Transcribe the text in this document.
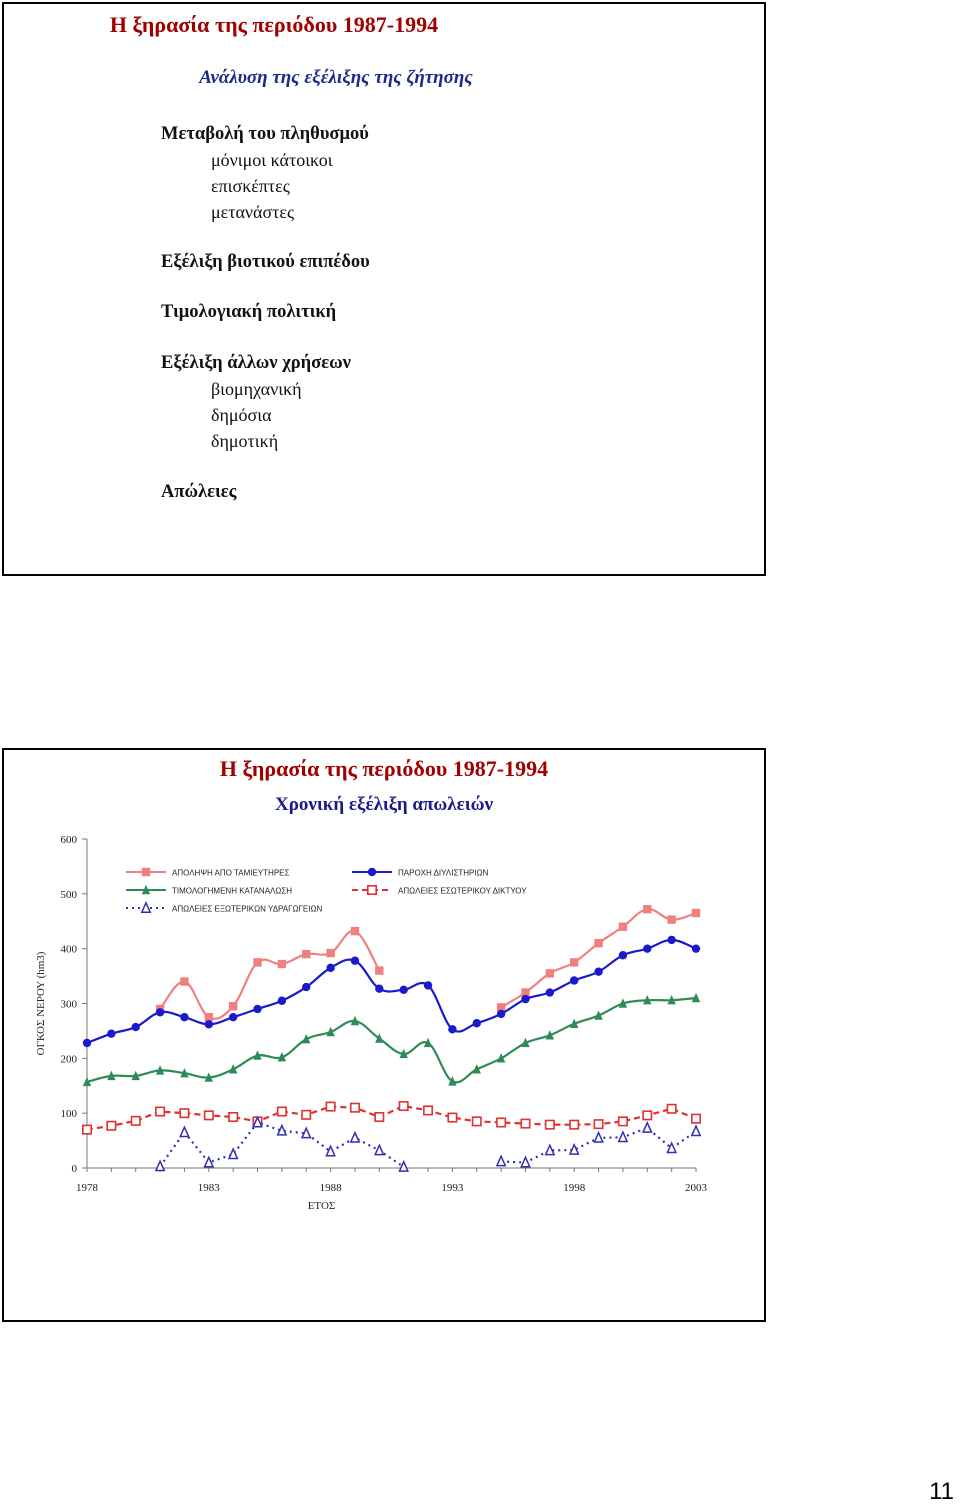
Η ξηρασία της περιόδου 1987-1994
Ανάλυση της εξέλιξης της ζήτησης
Μεταβολή του πληθυσμού
μόνιμοι κάτοικοι
επισκέπτες
μετανάστες
Εξέλιξη βιοτικού επιπέδου
Τιμολογιακή πολιτική
Εξέλιξη άλλων χρήσεων
βιομηχανική
δημόσια
δημοτική
Απώλειες
Η ξηρασία της περιόδου 1987-1994
Χρονική εξέλιξη απωλειών
0
100
200
300
400
500
600
1978	1983	1988	1993	1998	2003
ΕΤΟΣ
ΟΓΚΟΣ ΝΕΡΟΥ (hm3)
ΑΠΟΛΗΨΗ ΑΠΟ ΤΑΜΙΕΥΤΗΡΕΣ	ΠΑΡΟΧΗ ΔΙΥΛΙΣΤΗΡΙΩΝ
ΤΙΜΟΛΟΓΗΜΕΝΗ ΚΑΤΑΝΑΛΩΣΗ	ΑΠΩΛΕΙΕΣ ΕΣΩΤΕΡΙΚΟΥ ΔΙΚΤΥΟΥ
ΑΠΩΛΕΙΕΣ ΕΞΩΤΕΡΙΚΩΝ ΥΔΡΑΓΩΓΕΙΩΝ
11
